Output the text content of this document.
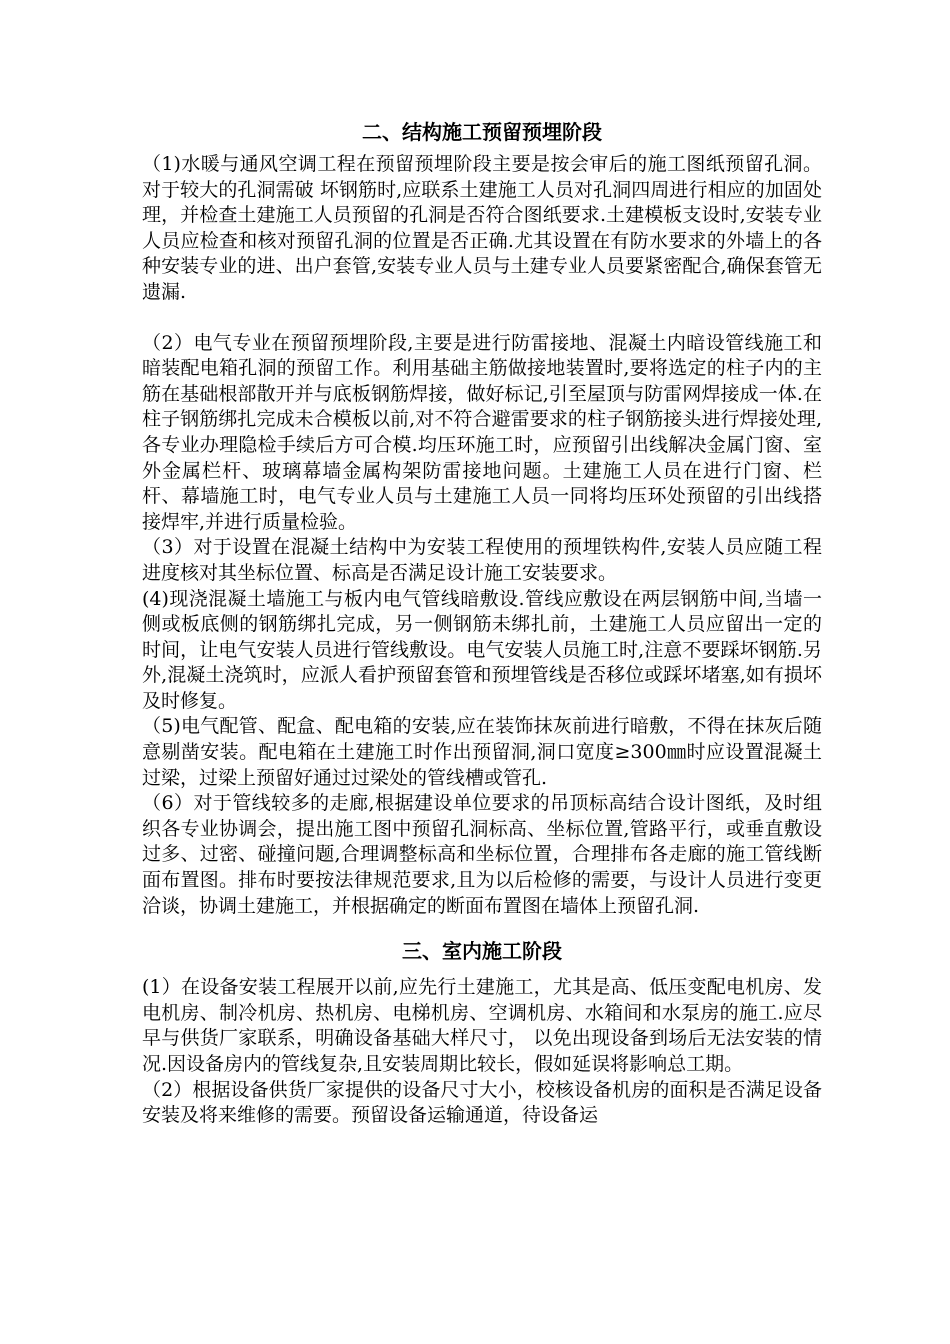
二、结构施工预留预埋阶段

（1)水暖与通风空调工程在预留预埋阶段主要是按会审后的施工图纸预留孔洞。对于较大的孔洞需破 坏钢筋时,应联系土建施工人员对孔洞四周进行相应的加固处理，并检查土建施工人员预留的孔洞是否符合图纸要求.土建模板支设时,安装专业人员应检查和核对预留孔洞的位置是否正确.尤其设置在有防水要求的外墙上的各种安装专业的进、出户套管,安装专业人员与土建专业人员要紧密配合,确保套管无遗漏.

（2）电气专业在预留预埋阶段,主要是进行防雷接地、混凝土内暗设管线施工和暗装配电箱孔洞的预留工作。利用基础主筋做接地装置时,要将选定的柱子内的主筋在基础根部散开并与底板钢筋焊接，做好标记,引至屋顶与防雷网焊接成一体.在柱子钢筋绑扎完成未合模板以前,对不符合避雷要求的柱子钢筋接头进行焊接处理,各专业办理隐检手续后方可合模.均压环施工时，应预留引出线解决金属门窗、室外金属栏杆、玻璃幕墙金属构架防雷接地问题。土建施工人员在进行门窗、栏杆、幕墙施工时，电气专业人员与土建施工人员一同将均压环处预留的引出线搭接焊牢,并进行质量检验。

（3）对于设置在混凝土结构中为安装工程使用的预埋铁构件,安装人员应随工程进度核对其坐标位置、标高是否满足设计施工安装要求。

(4)现浇混凝土墙施工与板内电气管线暗敷设.管线应敷设在两层钢筋中间,当墙一侧或板底侧的钢筋绑扎完成，另一侧钢筋未绑扎前，土建施工人员应留出一定的时间，让电气安装人员进行管线敷设。电气安装人员施工时,注意不要踩坏钢筋.另外,混凝土浇筑时，应派人看护预留套管和预埋管线是否移位或踩坏堵塞,如有损坏及时修复。

（5)电气配管、配盒、配电箱的安装,应在装饰抹灰前进行暗敷，不得在抹灰后随意剔凿安装。配电箱在土建施工时作出预留洞,洞口宽度≥300㎜时应设置混凝土过梁，过梁上预留好通过过梁处的管线槽或管孔.

（6）对于管线较多的走廊,根据建设单位要求的吊顶标高结合设计图纸，及时组织各专业协调会，提出施工图中预留孔洞标高、坐标位置,管路平行，或垂直敷设过多、过密、碰撞问题,合理调整标高和坐标位置，合理排布各走廊的施工管线断面布置图。排布时要按法律规范要求,且为以后检修的需要，与设计人员进行变更洽谈，协调土建施工，并根据确定的断面布置图在墙体上预留孔洞.

三、室内施工阶段

(1）在设备安装工程展开以前,应先行土建施工，尤其是高、低压变配电机房、发电机房、制冷机房、热机房、电梯机房、空调机房、水箱间和水泵房的施工.应尽早与供货厂家联系，明确设备基础大样尺寸， 以免出现设备到场后无法安装的情况.因设备房内的管线复杂,且安装周期比较长，假如延误将影响总工期。

（2）根据设备供货厂家提供的设备尺寸大小，校核设备机房的面积是否满足设备安装及将来维修的需要。预留设备运输通道，待设备运
